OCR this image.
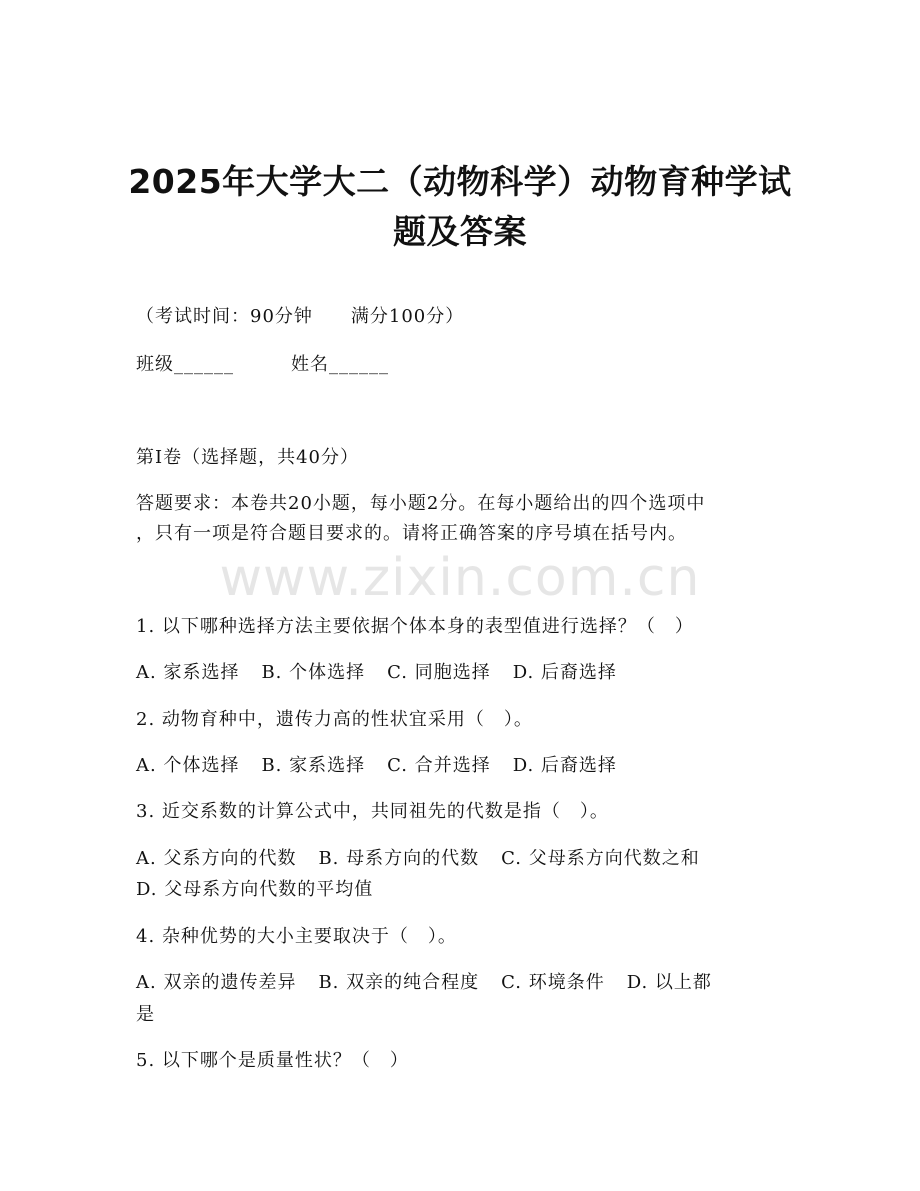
2025年大学大二（动物科学）动物育种学试
题及答案
（考试时间：90分钟　　满分100分）
班级______　　　姓名______
第I卷（选择题，共40分）
答题要求：本卷共20小题，每小题2分。在每小题给出的四个选项中
，只有一项是符合题目要求的。请将正确答案的序号填在括号内。
www.zixin.com.cn
1. 以下哪种选择方法主要依据个体本身的表型值进行选择？（　）
A. 家系选择 B. 个体选择 C. 同胞选择 D. 后裔选择
2. 动物育种中，遗传力高的性状宜采用（　）。
A. 个体选择 B. 家系选择 C. 合并选择 D. 后裔选择
3. 近交系数的计算公式中，共同祖先的代数是指（　）。
A. 父系方向的代数 B. 母系方向的代数 C. 父母系方向代数之和
D. 父母系方向代数的平均值
4. 杂种优势的大小主要取决于（　）。
A. 双亲的遗传差异 B. 双亲的纯合程度 C. 环境条件 D. 以上都
是
5. 以下哪个是质量性状？（　）
